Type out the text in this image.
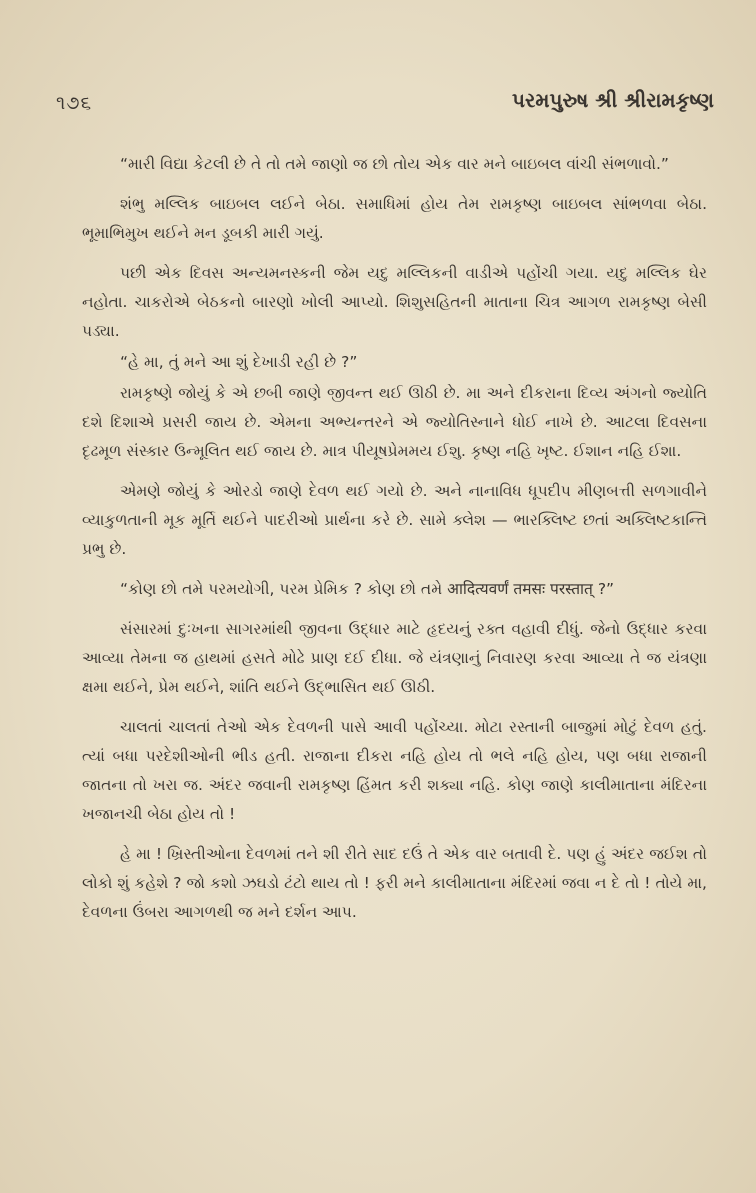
૧૭૬	પરમપુરુષ શ્રી શ્રીરામકૃષ્ણ

“મારી વિદ્યા કેટલી છે તે તો તમે જાણો જ છો તોય એક વાર મને બાઇબલ વાંચી સંભળાવો.”

શંભુ મલ્લિક બાઇબલ લઈને બેઠા. સમાધિમાં હોય તેમ રામકૃષ્ણ બાઇબલ સાંભળવા બેઠા. ભૂમાભિમુખ થઈને મન ડૂબકી મારી ગયું.

પછી એક દિવસ અન્યમનસ્કની જેમ યદુ મલ્લિકની વાડીએ પહોંચી ગયા. યદુ મલ્લિક ઘેર નહોતા. ચાકરોએ બેઠકનો બારણો ખોલી આપ્યો. શિશુસહિતની માતાના ચિત્ર આગળ રામકૃષ્ણ બેસી પડ્યા.

“હે મા, તું મને આ શું દેખાડી રહી છે ?”

રામકૃષ્ણે જોયું કે એ છબી જાણે જીવન્ત થઈ ઊઠી છે. મા અને દીકરાના દિવ્ય અંગનો જ્યોતિ દશે દિશાએ પ્રસરી જાય છે. એમના અભ્યન્તરને એ જ્યોતિસ્નાને ધોઈ નાખે છે. આટલા દિવસના દૃઢમૂળ સંસ્કાર ઉન્મૂલિત થઈ જાય છે. માત્ર પીયૂષપ્રેમમય ઈશુ. કૃષ્ણ નહિ ખૃષ્ટ. ઈશાન નહિ ઈશા.

એમણે જોયું કે ઓરડો જાણે દેવળ થઈ ગયો છે. અને નાનાવિધ ધૂપદીપ મીણબત્તી સળગાવીને વ્યાકુળતાની મૂક મૂર્તિ થઈને પાદરીઓ પ્રાર્થના કરે છે. સામે ક્લેશ — ભારક્લિષ્ટ છતાં અક્લિષ્ટકાન્તિ પ્રભુ છે.

“કોણ છો તમે પરમયોગી, પરમ પ્રેમિક ? કોણ છો તમે आदित्यवर्णं तमसः परस्तात् ?”

સંસારમાં દુઃખના સાગરમાંથી જીવના ઉદ્ધાર માટે હૃદયનું રક્ત વહાવી દીધું. જેનો ઉદ્ધાર કરવા આવ્યા તેમના જ હાથમાં હસતે મોઢે પ્રાણ દઈ દીધા. જે યંત્રણાનું નિવારણ કરવા આવ્યા તે જ યંત્રણા ક્ષમા થઈને, પ્રેમ થઈને, શાંતિ થઈને ઉદ્ભાસિત થઈ ઊઠી.

ચાલતાં ચાલતાં તેઓ એક દેવળની પાસે આવી પહોંચ્યા. મોટા રસ્તાની બાજુમાં મોટું દેવળ હતું. ત્યાં બધા પરદેશીઓની ભીડ હતી. રાજાના દીકરા નહિ હોય તો ભલે નહિ હોય, પણ બધા રાજાની જાતના તો ખરા જ. અંદર જવાની રામકૃષ્ણ હિંમત કરી શક્યા નહિ. કોણ જાણે કાલીમાતાના મંદિરના ખજાનચી બેઠા હોય તો !

હે મા ! ખ્રિસ્તીઓના દેવળમાં તને શી રીતે સાદ દઉં તે એક વાર બતાવી દે. પણ હું અંદર જઈશ તો લોકો શું કહેશે ? જો કશો ઝઘડો ટંટો થાય તો ! ફરી મને કાલીમાતાના મંદિરમાં જવા ન દે તો ! તોયે મા, દેવળના ઉંબરા આગળથી જ મને દર્શન આપ.
